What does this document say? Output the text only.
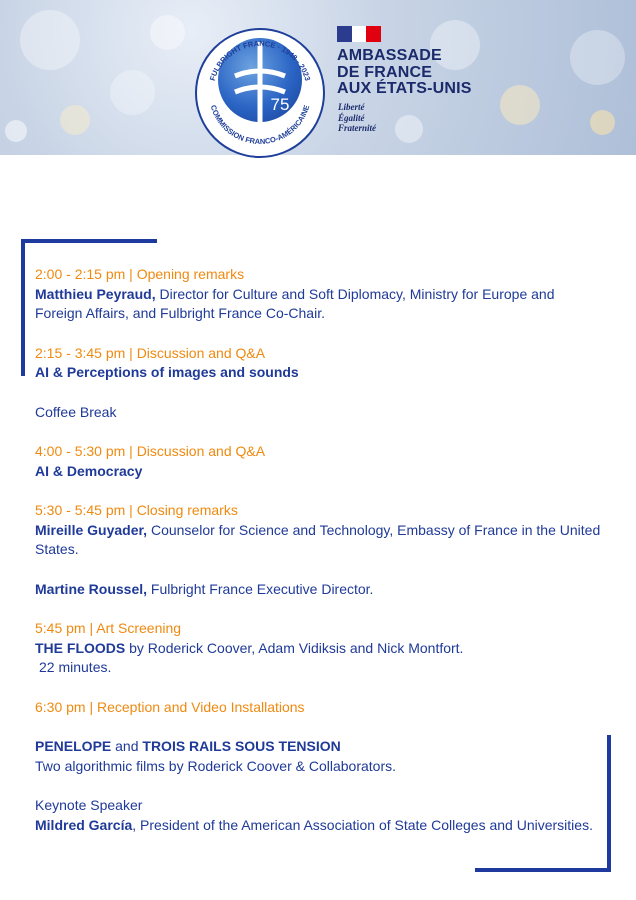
FULBRIGHT FRANCE · 1948 - 2023
COMMISSION FRANCO-AMÉRICAINE
75
AMBASSADE
DE FRANCE
AUX ÉTATS-UNIS
Liberté
Égalité
Fraternité
2:00 - 2:15 pm | Opening remarks

Matthieu Peyraud, Director for Culture and Soft Diplomacy, Ministry for Europe and Foreign Affairs, and Fulbright France Co-Chair.

2:15 - 3:45 pm | Discussion and Q&A
AI & Perceptions of images and sounds
Coffee Break
4:00 - 5:30 pm | Discussion and Q&A
AI & Democracy
5:30 - 5:45 pm | Closing remarks

Mireille Guyader, Counselor for Science and Technology, Embassy of France in the United States.

Martine Roussel, Fulbright France Executive Director.

5:45 pm | Art Screening

THE FLOODS by Roderick Coover, Adam Vidiksis and Nick Montfort.

22 minutes.
6:30 pm | Reception and Video Installations

PENELOPE and TROIS RAILS SOUS TENSION

Two algorithmic films by Roderick Coover & Collaborators.
Keynote Speaker

Mildred García, President of the American Association of State Colleges and Universities.
